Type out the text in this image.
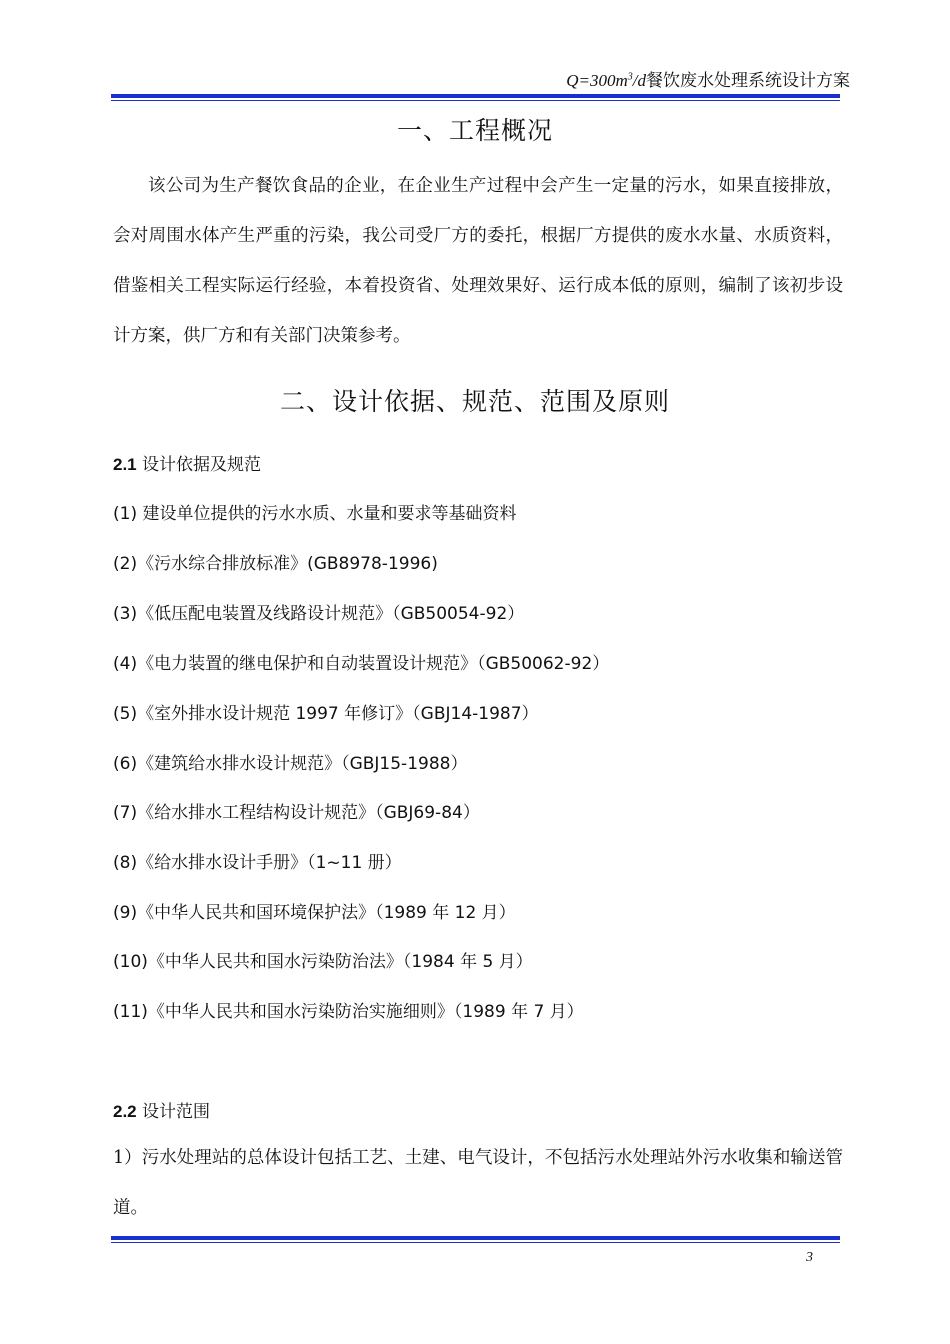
$Q=300m^3/d$餐饮废水处理系统设计方案
一、工程概况

该公司为生产餐饮食品的企业，在企业生产过程中会产生一定量的污水，如果直接排放，会对周围水体产生严重的污染，我公司受厂方的委托，根据厂方提供的废水水量、水质资料，借鉴相关工程实际运行经验，本着投资省、处理效果好、运行成本低的原则，编制了该初步设计方案，供厂方和有关部门决策参考。

二、设计依据、规范、范围及原则
2.1 设计依据及规范
(1) 建设单位提供的污水水质、水量和要求等基础资料
(2)《污水综合排放标准》(GB8978-1996)
(3)《低压配电装置及线路设计规范》（GB50054-92）
(4)《电力装置的继电保护和自动装置设计规范》（GB50062-92）
(5)《室外排水设计规范 1997 年修订》（GBJ14-1987）
(6)《建筑给水排水设计规范》（GBJ15-1988）
(7)《给水排水工程结构设计规范》（GBJ69-84）
(8)《给水排水设计手册》（1~11 册）
(9)《中华人民共和国环境保护法》（1989 年 12 月）
(10)《中华人民共和国水污染防治法》（1984 年 5 月）
(11)《中华人民共和国水污染防治实施细则》（1989 年 7 月）
2.2 设计范围

1）污水处理站的总体设计包括工艺、土建、电气设计，不包括污水处理站外污水收集和输送管道。

3
